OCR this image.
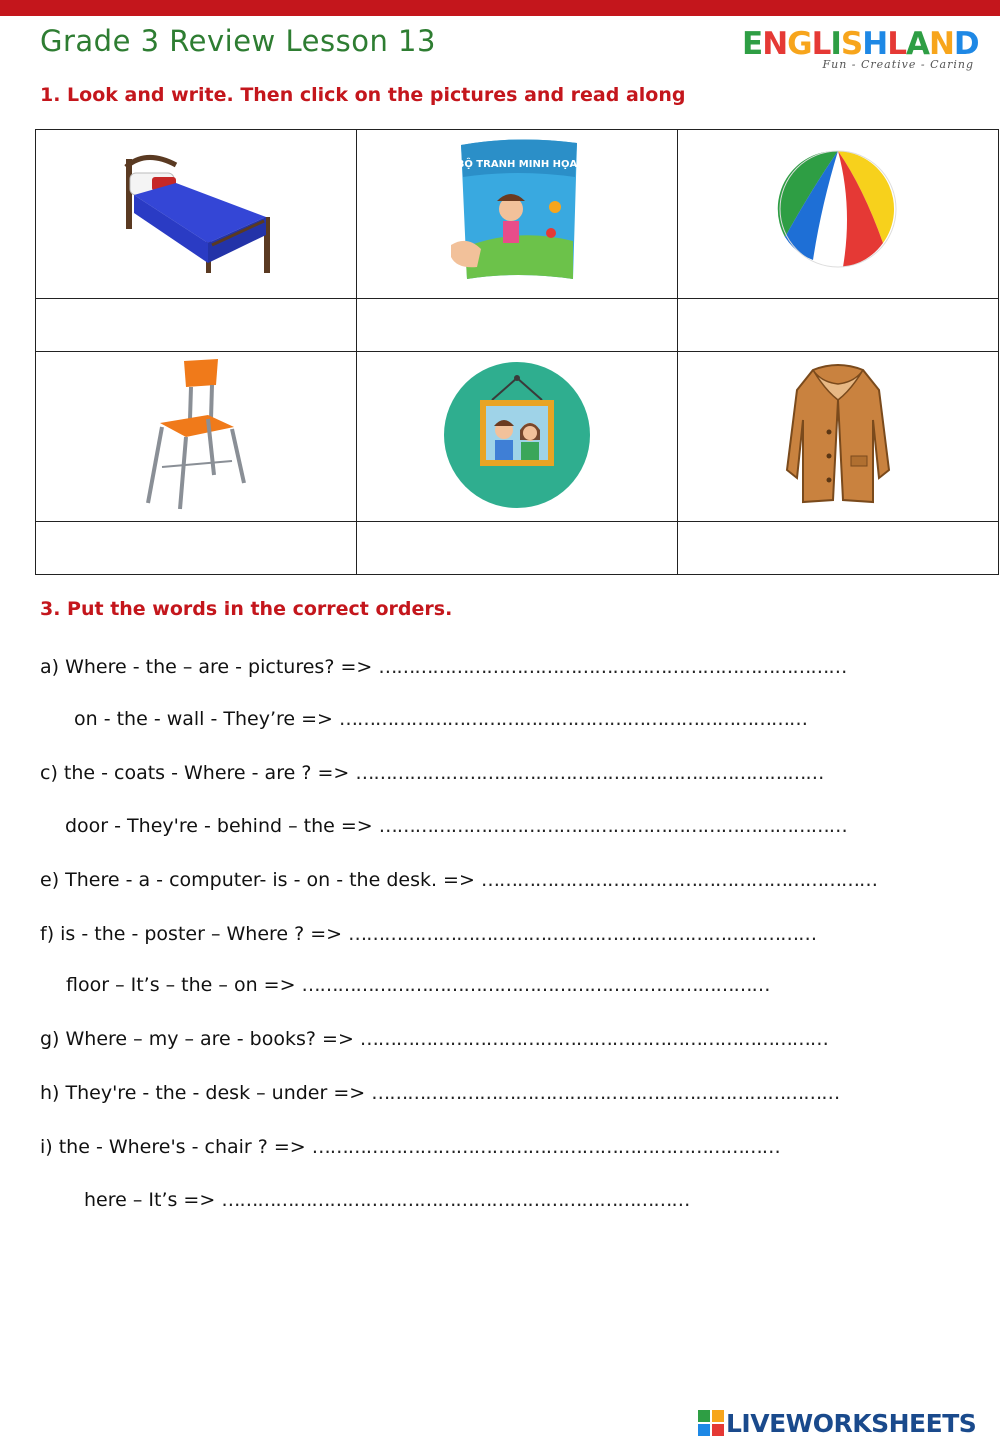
Grade 3 Review Lesson 13	ENGLISHLAND
Fun - Creative - Caring
1. Look and write. Then click on the pictures and read along

BỘ TRANH MINH HỌA

3. Put the words in the correct orders.
a) Where - the – are - pictures? => ……………………………………………………………………
on - the - wall - They’re => ……………………………………………………………………
c) the - coats - Where - are ? => ……………………………………………………………………
door - They're - behind – the => ……………………………………………………………………
e) There - a - computer- is - on - the desk. => …………………………………………………………
f) is - the - poster – Where ? => ……………………………………………………………………
floor – It’s – the – on => ……………………………………………………………………
g) Where – my – are - books? => ……………………………………………………………………
h) They're - the - desk – under => ……………………………………………………………………
i) the - Where's - chair ? => ……………………………………………………………………
here – It’s => ……………………………………………………………………
LIVEWORKSHEETS
